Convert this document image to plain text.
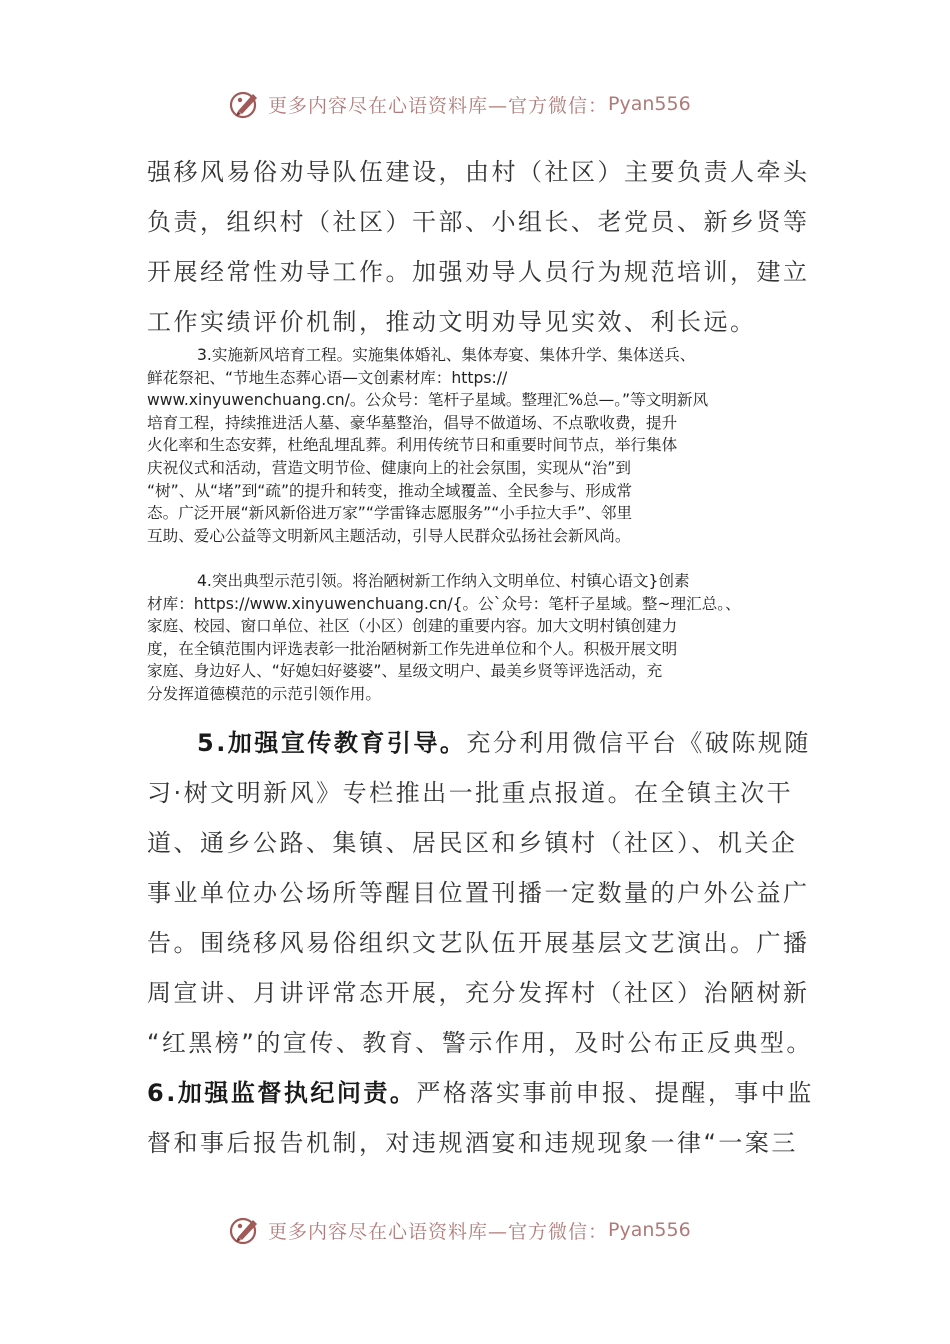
更多内容尽在心语资料库—官方微信： Pyan556

强移风易俗劝导队伍建设，由村（社区）主要负责人牵头

负责，组织村（社区）干部、小组长、老党员、新乡贤等

开展经常性劝导工作。加强劝导人员行为规范培训，建立

工作实绩评价机制，推动文明劝导见实效、利长远。

3.实施新风培育工程。实施集体婚礼、集体寿宴、集体升学、集体送兵、
鲜花祭祀、“节地生态葬心语—文创素材库：https://
www.xinyuwenchuang.cn/。公众号：笔杆子星域。整理汇%总—。”等文明新风
培育工程，持续推进活人墓、豪华墓整治，倡导不做道场、不点歌收费，提升
火化率和生态安葬，杜绝乱埋乱葬。利用传统节日和重要时间节点，举行集体
庆祝仪式和活动，营造文明节俭、健康向上的社会氛围，实现从“治”到
“树”、从“堵”到“疏”的提升和转变，推动全域覆盖、全民参与、形成常
态。广泛开展“新风新俗进万家”“学雷锋志愿服务”“小手拉大手”、邻里
互助、爱心公益等文明新风主题活动，引导人民群众弘扬社会新风尚。
4.突出典型示范引领。将治陋树新工作纳入文明单位、村镇心语文}创素
材库：https://www.xinyuwenchuang.cn/{。公`众号：笔杆子星域。整~理汇总。、
家庭、校园、窗口单位、社区（小区）创建的重要内容。加大文明村镇创建力
度，在全镇范围内评选表彰一批治陋树新工作先进单位和个人。积极开展文明
家庭、身边好人、“好媳妇好婆婆”、星级文明户、最美乡贤等评选活动，充
分发挥道德模范的示范引领作用。

5.加强宣传教育引导。充分利用微信平台《破陈规随

习·树文明新风》专栏推出一批重点报道。在全镇主次干

道、通乡公路、集镇、居民区和乡镇村（社区）、机关企

事业单位办公场所等醒目位置刊播一定数量的户外公益广

告。围绕移风易俗组织文艺队伍开展基层文艺演出。广播

周宣讲、月讲评常态开展，充分发挥村（社区）治陋树新

“红黑榜”的宣传、教育、警示作用，及时公布正反典型。

6.加强监督执纪问责。严格落实事前申报、提醒，事中监

督和事后报告机制，对违规酒宴和违规现象一律“一案三

更多内容尽在心语资料库—官方微信： Pyan556
